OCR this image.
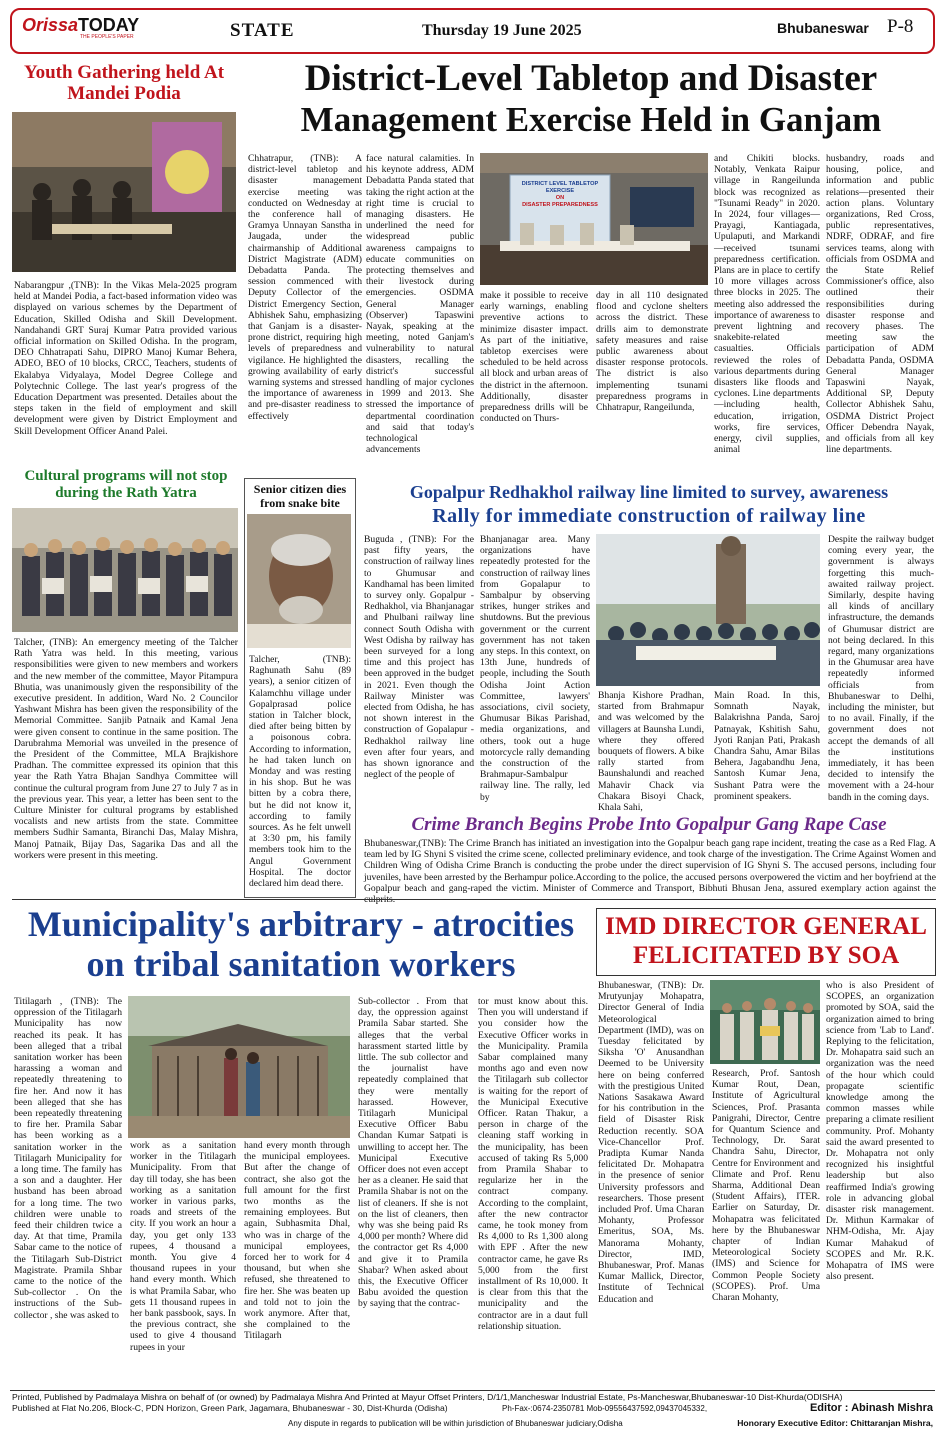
OrissaTODAY
THE PEOPLE'S PAPER	STATE	Thursday 19 June 2025	Bhubaneswar P-8
Youth Gathering held At Mandei Podia
Nabarangpur ,(TNB): In the Vikas Mela-2025 program held at Mandei Podia, a fact-based information video was displayed on various schemes by the Department of Education, Skilled Odisha and Skill Development. Nandahandi GRT Suraj Kumar Patra provided various official information on Skilled Odisha. In the program, DEO Chhatrapati Sahu, DIPRO Manoj Kumar Behera, ADEO, BEO of 10 blocks, CRCC, Teachers, students of Ekalabya Vidyalaya, Model Degree College and Polytechnic College. The last year's progress of the Education Department was presented. Detailes about the steps taken in the field of employment and skill development were given by District Employment and Skill Development Officer Anand Palei.
Cultural programs will not stop during the Rath Yatra
Talcher, (TNB): An emergency meeting of the Talcher Rath Yatra was held. In this meeting, various responsibilities were given to new members and workers and the new member of the committee, Mayor Pitampura Bhutia, was unanimously given the responsibility of the executive president. In addition, Ward No. 2 Councilor Yashwant Mishra has been given the responsibility of the Memorial Committee. Sanjib Patnaik and Kamal Jena were given consent to continue in the same position. The Darubrahma Memorial was unveiled in the presence of the President of the Committee, MLA Brajkishore Pradhan. The committee expressed its opinion that this year the Rath Yatra Bhajan Sandhya Committee will continue the cultural program from June 27 to July 7 as in the previous year. This year, a letter has been sent to the Culture Minister for cultural programs by established vocalists and new artists from the state. Committee members Sudhir Samanta, Biranchi Das, Malay Mishra, Manoj Patnaik, Bijay Das, Sagarika Das and all the workers were present in this meeting.
District-Level Tabletop and Disaster
Management Exercise Held in Ganjam
Chhatrapur, (TNB): A district-level tabletop and disaster management exercise meeting was conducted on Wednesday at the conference hall of Gramya Unnayan Sanstha in Jaugada, under the chairmanship of Additional District Magistrate (ADM) Debadatta Panda. The session commenced with Deputy Collector of the District Emergency Section, Abhishek Sahu, emphasizing that Ganjam is a disaster-prone district, requiring high levels of preparedness and vigilance. He highlighted the growing availability of early warning systems and stressed the importance of awareness and pre-disaster readiness to effectively
face natural calamities. In his keynote address, ADM Debadatta Panda stated that taking the right action at the right time is crucial to managing disasters. He underlined the need for widespread public awareness campaigns to educate communities on protecting themselves and their livestock during emergencies. OSDMA General Manager (Observer) Tapaswini Nayak, speaking at the meeting, noted Ganjam's vulnerability to natural disasters, recalling the district's successful handling of major cyclones in 1999 and 2013. She stressed the importance of departmental coordination and said that today's technological advancements
DISTRICT LEVEL TABLETOP EXERCISE
ON
DISASTER PREPAREDNESS
make it possible to receive early warnings, enabling preventive actions to minimize disaster impact. As part of the initiative, tabletop exercises were scheduled to be held across all block and urban areas of the district in the afternoon. Additionally, disaster preparedness drills will be conducted on Thurs-
day in all 110 designated flood and cyclone shelters across the district. These drills aim to demonstrate safety measures and raise public awareness about disaster response protocols. The district is also implementing tsunami preparedness programs in Chhatrapur, Rangeilunda,
and Chikiti blocks. Notably, Venkata Raipur village in Rangeilunda block was recognized as "Tsunami Ready" in 2020. In 2024, four villages—Prayagi, Kantiagada, Upulaputi, and Markandi—received tsunami preparedness certification. Plans are in place to certify 10 more villages across three blocks in 2025. The meeting also addressed the importance of awareness to prevent lightning and snakebite-related casualties. Officials reviewed the roles of various departments during disasters like floods and cyclones. Line departments—including health, education, irrigation, works, fire services, energy, civil supplies, animal
husbandry, roads and housing, police, and information and public relations—presented their action plans. Voluntary organizations, Red Cross, public representatives, NDRF, ODRAF, and fire services teams, along with officials from OSDMA and the State Relief Commissioner's office, also outlined their responsibilities during disaster response and recovery phases. The meeting saw the participation of ADM Debadatta Panda, OSDMA General Manager Tapaswini Nayak, Additional SP, Deputy Collector Abhishek Sahu, OSDMA District Project Officer Debendra Nayak, and officials from all key line departments.
Senior citizen dies from snake bite
Talcher, (TNB): Raghunath Sahu (89 years), a senior citizen of Kalamchhu village under Gopalprasad police station in Talcher block, died after being bitten by a poisonous cobra. According to information, he had taken lunch on Monday and was resting in his shop. But he was bitten by a cobra there, but he did not know it, according to family sources. As he felt unwell at 3:30 pm, his family members took him to the Angul Government Hospital. The doctor declared him dead there.
Gopalpur Redhakhol railway line limited to survey, awareness
Rally for immediate construction of railway line
Buguda , (TNB): For the past fifty years, the construction of railway lines to Ghumusar and Kandhamal has been limited to survey only. Gopalpur - Redhakhol, via Bhanjanagar and Phulbani railway line connect South Odisha with West Odisha by railway has been surveyed for a long time and this project has been approved in the budget in 2021. Even though the Railway Minister was elected from Odisha, he has not shown interest in the construction of Gopalapur - Redhakhol railway line even after four years, and has shown ignorance and neglect of the people of
Bhanjanagar area. Many organizations have repeatedly protested for the construction of railway lines from Gopalapur to Sambalpur by observing strikes, hunger strikes and shutdowns. But the previous government or the current government has not taken any steps. In this context, on 13th June, hundreds of people, including the South Odisha Joint Action Committee, lawyers' associations, civil society, Ghumusar Bikas Parishad, media organizations, and others, took out a huge motorcycle rally demanding the construction of the Brahmapur-Sambalpur railway line. The rally, led by
Bhanja Kishore Pradhan, started from Brahmapur and was welcomed by the villagers at Baunsha Lundi, where they offered bouquets of flowers. A bike rally started from Baunshalundi and reached Mahavir Chack via Chakara Bisoyi Chack, Khala Sahi,
Main Road. In this, Somnath Nayak, Balakrishna Panda, Saroj Patnayak, Kshitish Sahu, Jyoti Ranjan Pati, Prakash Chandra Sahu, Amar Bilas Behera, Jagabandhu Jena, Santosh Kumar Jena, Sushant Patra were the prominent speakers.
Despite the railway budget coming every year, the government is always forgetting this much-awaited railway project. Similarly, despite having all kinds of ancillary infrastructure, the demands of Ghumusar district are not being declared. In this regard, many organizations in the Ghumusar area have repeatedly informed officials from Bhubaneswar to Delhi, including the minister, but to no avail. Finally, if the government does not accept the demands of all the institutions immediately, it has been decided to intensify the movement with a 24-hour bandh in the coming days.
Crime Branch Begins Probe Into Gopalpur Gang Rape Case
Bhubaneswar,(TNB): The Crime Branch has initiated an investigation into the Gopalpur beach gang rape incident, treating the case as a Red Flag. A team led by IG Shyni S visited the crime scene, collected preliminary evidence, and took charge of the investigation. The Crime Against Women and Children Wing of Odisha Crime Branch is conducting the probe under the direct supervision of IG Shyni S. The accused persons, including four juveniles, have been arrested by the Berhampur police.According to the police, the accused persons overpowered the victim and her boyfriend at the Gopalpur beach and gang-raped the victim. Minister of Commerce and Transport, Bibhuti Bhusan Jena, assured exemplary action against the
Municipality's arbitrary - atrocities
on tribal sanitation workers
Titilagarh , (TNB): The oppression of the Titilagarh Municipality has now reached its peak. It has been alleged that a tribal sanitation worker has been harassing a woman and repeatedly threatening to fire her. And now it has been alleged that she has been repeatedly threatening to fire her. Pramila Sabar has been working as a sanitation worker in the Titilagarh Municipality for a long time. The family has a son and a daughter. Her husband has been abroad for a long time. The two children were unable to feed their children twice a day. At that time, Pramila Sabar came to the notice of the Titilagarh Sub-District Magistrate. Pramila Shbar came to the notice of the Sub-collector . On the instructions of the Sub-collector , she was asked to
work as a sanitation worker in the Titilagarh Municipality. From that day till today, she has been working as a sanitation worker in various parks, roads and streets of the city. If you work an hour a day, you get only 133 rupees, 4 thousand a month. You give 4 thousand rupees in your hand every month. Which is what Pramila Sabar, who gets 11 thousand rupees in her bank passbook, says. In the previous contract, she used to give 4 thousand rupees in your
hand every month through the municipal employees. But after the change of contract, she also got the full amount for the first two months as the remaining employees. But again, Subhasmita Dhal, who was in charge of the municipal employees, forced her to work for 4 thousand, but when she refused, she threatened to fire her. She was beaten up and told not to join the work anymore. After that, she complained to the Titilagarh
Sub-collector . From that day, the oppression against Pramila Sabar started. She alleges that the verbal harassment started little by little. The sub collector and the journalist have repeatedly complained that they were mentally harassed. However, Titilagarh Municipal Executive Officer Babu Chandan Kumar Satpati is unwilling to accept her. The Municipal Executive Officer does not even accept her as a cleaner. He said that Pramila Shabar is not on the list of cleaners. If she is not on the list of cleaners, then why was she being paid Rs 4,000 per month? Where did the contractor get Rs 4,000 and give it to Pramila Shabar? When asked about this, the Executive Officer Babu avoided the question by saying that the contrac-
tor must know about this. Then you will understand if you consider how the Executive Officer works in the Municipality. Pramila Sabar complained many months ago and even now the Titilagarh sub collector is waiting for the report of the Municipal Executive Officer. Ratan Thakur, a person in charge of the cleaning staff working in the municipality, has been accused of taking Rs 5,000 from Pramila Shabar to regularize her in the contract company. According to the complaint, after the new contractor came, he took money from Rs 4,000 to Rs 1,300 along with EPF . After the new contractor came, he gave Rs 5,000 from the first installment of Rs 10,000. It is clear from this that the municipality and the contractor are in a daut full relationship situation.
IMD DIRECTOR GENERAL
FELICITATED BY SOA
Bhubaneswar, (TNB): Dr. Mrutyunjay Mohapatra, Director General of India Meteorological Department (IMD), was on Tuesday felicitated by Siksha 'O' Anusandhan Deemed to be University here on being conferred with the prestigious United Nations Sasakawa Award for his contribution in the field of Disaster Risk Reduction recently. SOA Vice-Chancellor Prof. Pradipta Kumar Nanda felicitated Dr. Mohapatra in the presence of senior University professors and researchers. Those present included Prof. Uma Charan Mohanty, Professor Emeritus, SOA, Ms. Manorama Mohanty, Director, IMD, Bhubaneswar, Prof. Manas Kumar Mallick, Director, Institute of Technical Education and
Research, Prof. Santosh Kumar Rout, Dean, Institute of Agricultural Sciences, Prof. Prasanta Panigrahi, Director, Centre for Quantum Science and Technology, Dr. Sarat Chandra Sahu, Director, Centre for Environment and Climate and Prof. Renu Sharma, Additional Dean (Student Affairs), ITER. Earlier on Saturday, Dr. Mohapatra was felicitated here by the Bhubaneswar chapter of Indian Meteorological Society (IMS) and Science for Common People Society (SCOPES). Prof. Uma Charan Mohanty,
who is also President of SCOPES, an organization promoted by SOA, said the organization aimed to bring science from 'Lab to Land'. Replying to the felicitation, Dr. Mohapatra said such an organization was the need of the hour which could propagate scientific knowledge among the common masses while preparing a climate resilient community. Prof. Mohanty said the award presented to Dr. Mohapatra not only recognized his insightful leadership but also reaffirmed India's growing role in advancing global disaster risk management. Dr. Mithun Karmakar of NHM-Odisha, Mr. Ajay Kumar Mahakud of SCOPES and Mr. R.K. Mohapatra of IMS were also present.
Printed, Published by Padmalaya Mishra on behalf of (or owned) by Padmalaya Mishra And Printed at Mayur Offset Printers, D/1/1,Mancheswar Industrial Estate, Ps-Mancheswar,Bhubaneswar-10 Dist-Khurda(ODISHA)
Published at Flat No.206, Block-C, PDN Horizon, Green Park, Jagamara, Bhubaneswar - 30, Dist-Khurda (Odisha)	Ph-Fax-:0674-2350781 Mob-09556437592,09437045332,	Editor : Abinash Mishra
Any dispute in regards to publication will be within jurisdiction of Bhubaneswar judiciary,Odisha	Honorary Executive Editor: Chittaranjan Mishra,
